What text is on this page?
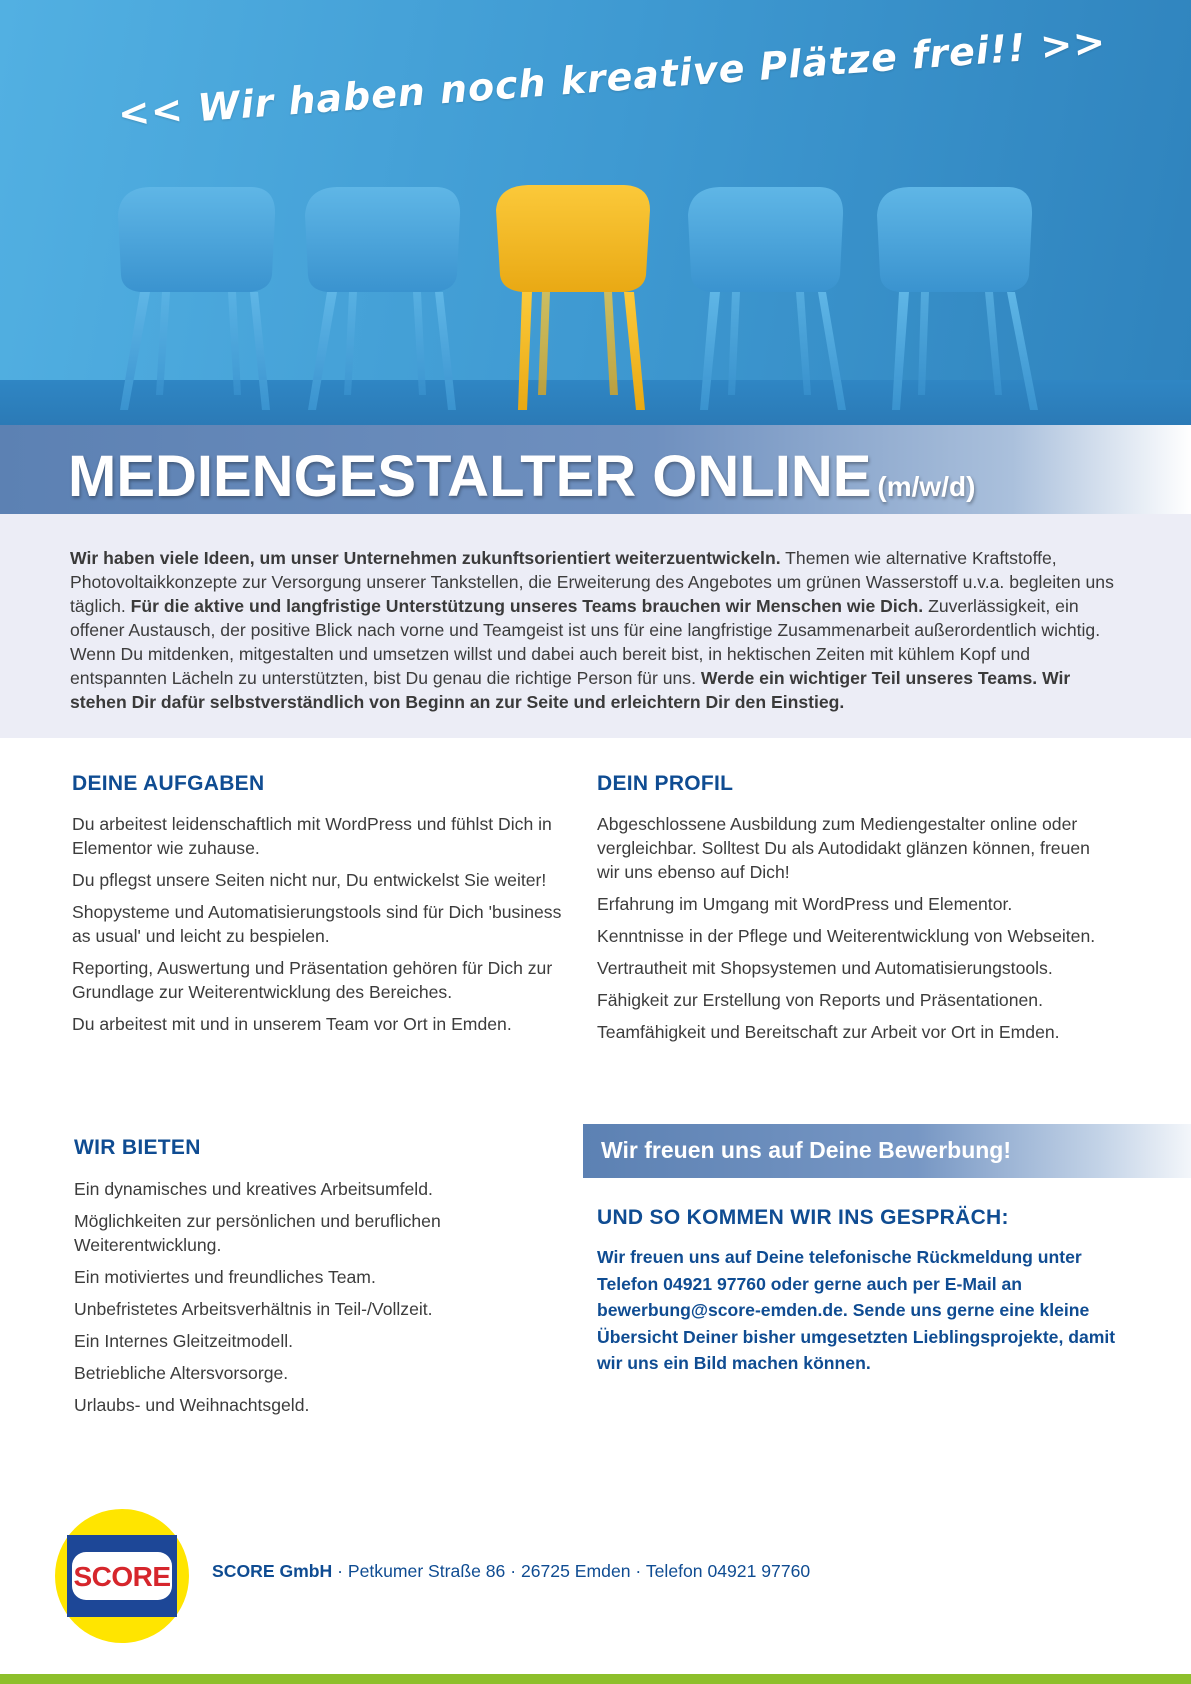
<< Wir haben noch kreative Plätze frei!! >>
MEDIENGESTALTER ONLINE (m/w/d)

Wir haben viele Ideen, um unser Unternehmen zukunftsorientiert weiterzuentwickeln. Themen wie alternative Kraftstoffe, Photovoltaikkonzepte zur Versorgung unserer Tankstellen, die Erweiterung des Angebotes um grünen Wasserstoff u.v.a. begleiten uns täglich. Für die aktive und langfristige Unterstützung unseres Teams brauchen wir Menschen wie Dich. Zuverlässigkeit, ein offener Austausch, der positive Blick nach vorne und Teamgeist ist uns für eine langfristige Zusammenarbeit außerordentlich wichtig. Wenn Du mitdenken, mitgestalten und umsetzen willst und dabei auch bereit bist, in hektischen Zeiten mit kühlem Kopf und entspannten Lächeln zu unterstützten, bist Du genau die richtige Person für uns. Werde ein wichtiger Teil unseres Teams. Wir stehen Dir dafür selbstverständlich von Beginn an zur Seite und erleichtern Dir den Einstieg.

DEINE AUFGABEN
Du arbeitest leidenschaftlich mit WordPress und fühlst Dich in Elementor wie zuhause.
Du pflegst unsere Seiten nicht nur, Du entwickelst Sie weiter!
Shopysteme und Automatisierungstools sind für Dich 'business as usual' und leicht zu bespielen.
Reporting, Auswertung und Präsentation gehören für Dich zur Grundlage zur Weiterentwicklung des Bereiches.
Du arbeitest mit und in unserem Team vor Ort in Emden.
DEIN PROFIL
Abgeschlossene Ausbildung zum Mediengestalter online oder vergleichbar. Solltest Du als Autodidakt glänzen können, freuen wir uns ebenso auf Dich!
Erfahrung im Umgang mit WordPress und Elementor.
Kenntnisse in der Pflege und Weiterentwicklung von Webseiten.
Vertrautheit mit Shopsystemen und Automatisierungstools.
Fähigkeit zur Erstellung von Reports und Präsentationen.
Teamfähigkeit und Bereitschaft zur Arbeit vor Ort in Emden.
WIR BIETEN
Ein dynamisches und kreatives Arbeitsumfeld.
Möglichkeiten zur persönlichen und beruflichen Weiterentwicklung.
Ein motiviertes und freundliches Team.
Unbefristetes Arbeitsverhältnis in Teil-/Vollzeit.
Ein Internes Gleitzeitmodell.
Betriebliche Altersvorsorge.
Urlaubs- und Weihnachtsgeld.
Wir freuen uns auf Deine Bewerbung!
UND SO KOMMEN WIR INS GESPRÄCH:

Wir freuen uns auf Deine telefonische Rückmeldung unter Telefon 04921 97760 oder gerne auch per E-Mail an bewerbung@score-emden.de. Sende uns gerne eine kleine Übersicht Deiner bisher umgesetzten Lieblingsprojekte, damit wir uns ein Bild machen können.

SCORE SCORE GmbH · Petkumer Straße 86 · 26725 Emden · Telefon 04921 97760
